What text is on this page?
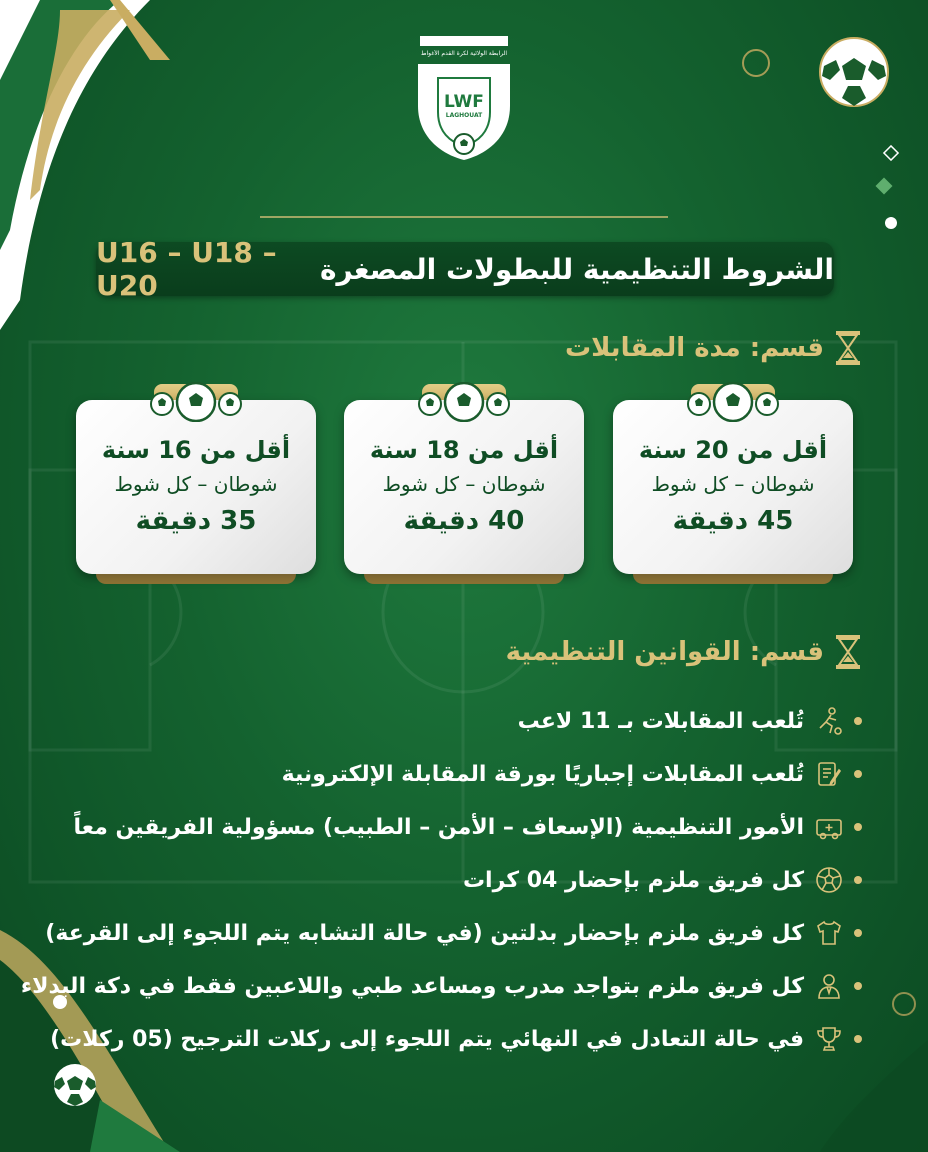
الرابطة الولائية لكرة القدم الأغواط
LWF
LAGHOUAT
الشروط التنظيمية للبطولات المصغرة
U16 – U18 – U20
قسم: مدة المقابلات
أقل من 20 سنة
شوطان – كل شوط
45 دقيقة
أقل من 18 سنة
شوطان – كل شوط
40 دقيقة
أقل من 16 سنة
شوطان – كل شوط
35 دقيقة
قسم: القوانين التنظيمية
تُلعب المقابلات بـ 11 لاعب
تُلعب المقابلات إجباريًا بورقة المقابلة الإلكترونية
الأمور التنظيمية (الإسعاف – الأمن – الطبيب) مسؤولية الفريقين معاً
كل فريق ملزم بإحضار 04 كرات
كل فريق ملزم بإحضار بدلتين (في حالة التشابه يتم اللجوء إلى القرعة)
كل فريق ملزم بتواجد مدرب ومساعد طبي واللاعبين فقط في دكة البدلاء
في حالة التعادل في النهائي يتم اللجوء إلى ركلات الترجيح (05 ركلات)
